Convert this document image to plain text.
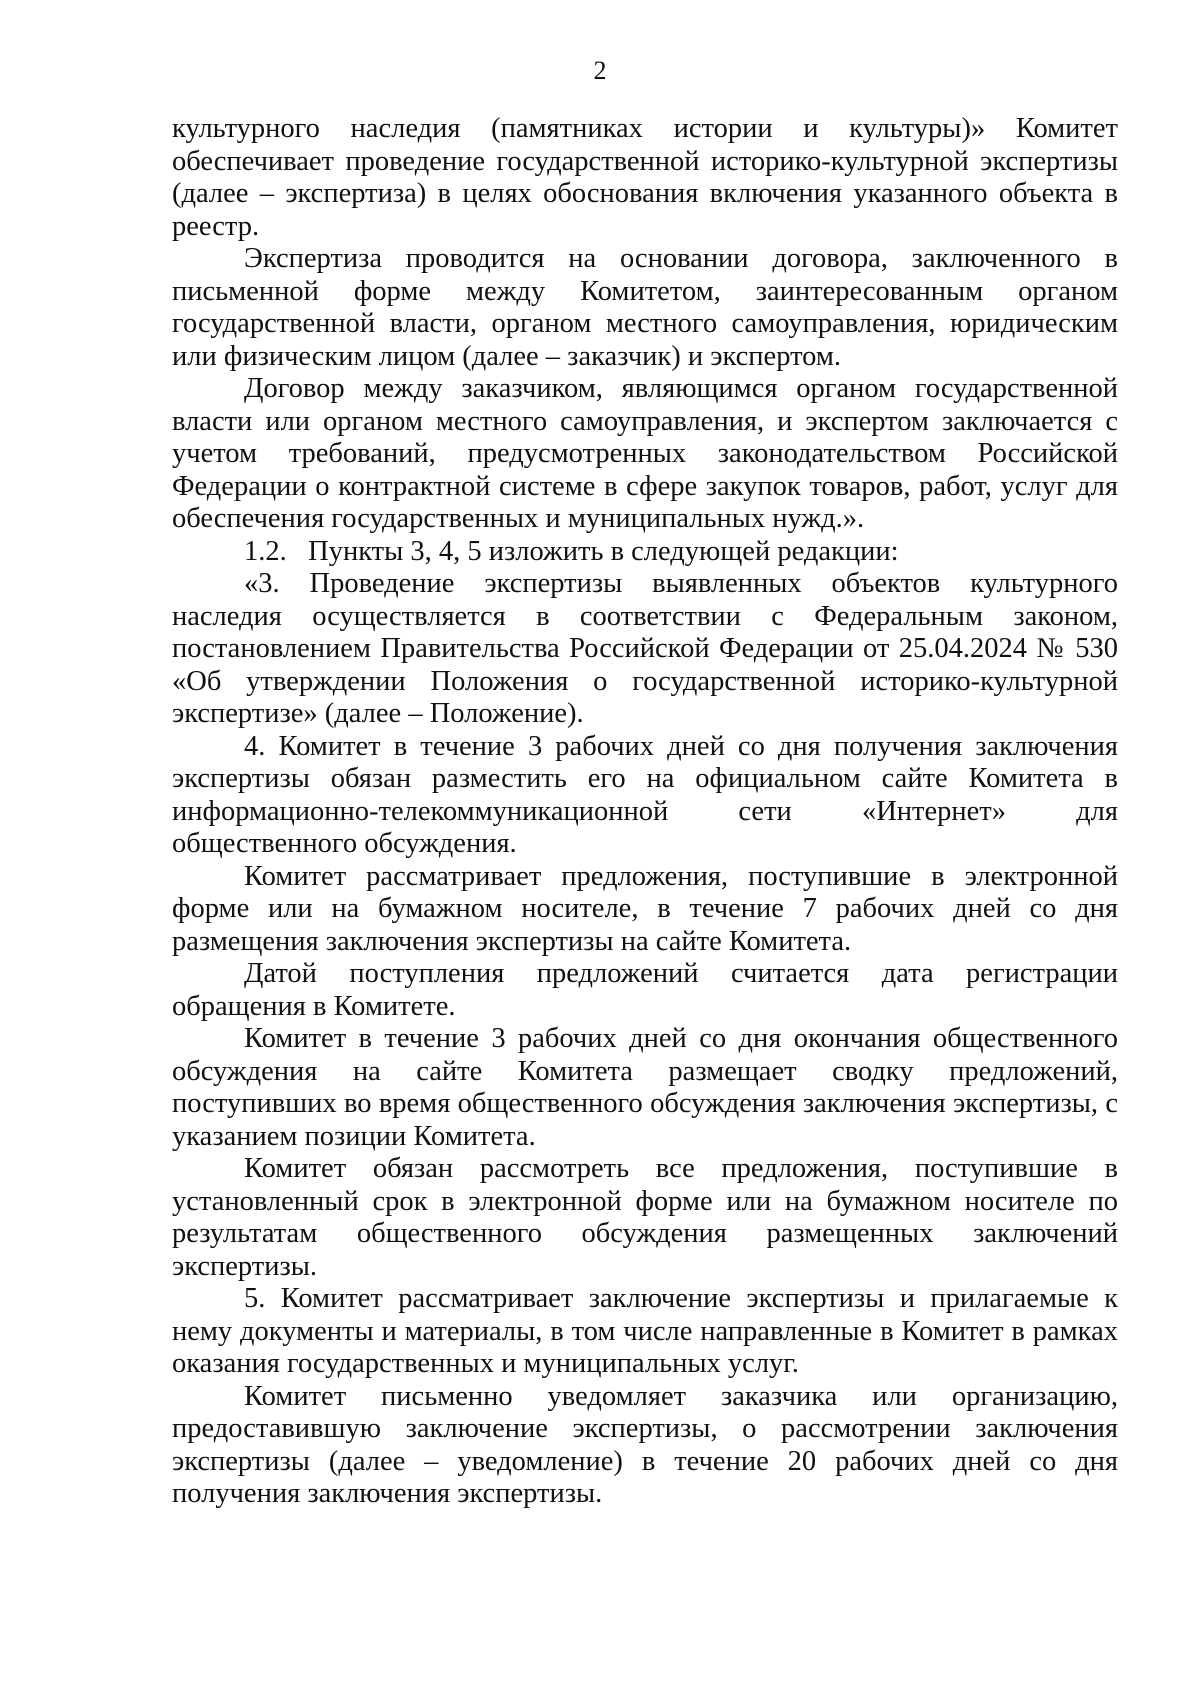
2

культурного наследия (памятниках истории и культуры)» Комитет обеспечивает проведение государственной историко-культурной экспертизы (далее – экспертиза) в целях обоснования включения указанного объекта в реестр.

Экспертиза проводится на основании договора, заключенного в письменной форме между Комитетом, заинтересованным органом государственной власти, органом местного самоуправления, юридическим или физическим лицом (далее – заказчик) и экспертом.

Договор между заказчиком, являющимся органом государственной власти или органом местного самоуправления, и экспертом заключается с учетом требований, предусмотренных законодательством Российской Федерации о контрактной системе в сфере закупок товаров, работ, услуг для обеспечения государственных и муниципальных нужд.».

1.2.   Пункты 3, 4, 5 изложить в следующей редакции:

«3. Проведение экспертизы выявленных объектов культурного наследия осуществляется в соответствии с Федеральным законом, постановлением Правительства Российской Федерации от 25.04.2024 № 530 «Об утверждении Положения о государственной историко-культурной экспертизе» (далее – Положение).

4. Комитет в течение 3 рабочих дней со дня получения заключения экспертизы обязан разместить его на официальном сайте Комитета в информационно-телекоммуникационной сети «Интернет» для общественного обсуждения.

Комитет рассматривает предложения, поступившие в электронной форме или на бумажном носителе, в течение 7 рабочих дней со дня размещения заключения экспертизы на сайте Комитета.

Датой поступления предложений считается дата регистрации обращения в Комитете.

Комитет в течение 3 рабочих дней со дня окончания общественного обсуждения на сайте Комитета размещает сводку предложений, поступивших во время общественного обсуждения заключения экспертизы, с указанием позиции Комитета.

Комитет обязан рассмотреть все предложения, поступившие в установленный срок в электронной форме или на бумажном носителе по результатам общественного обсуждения размещенных заключений экспертизы.

5. Комитет рассматривает заключение экспертизы и прилагаемые к нему документы и материалы, в том числе направленные в Комитет в рамках оказания государственных и муниципальных услуг.

Комитет письменно уведомляет заказчика или организацию, предоставившую заключение экспертизы, о рассмотрении заключения экспертизы (далее – уведомление) в течение 20 рабочих дней со дня получения заключения экспертизы.
